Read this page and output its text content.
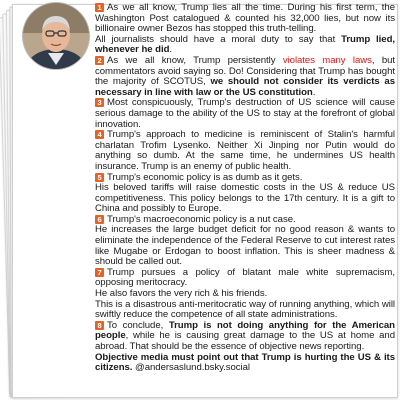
1 As we all know, Trump lies all the time. During his first term, the Washington Post catalogued & counted his 32,000 lies, but now its billionaire owner Bezos has stopped this truth-telling.

All journalists should have a moral duty to say that Trump lied, whenever he did.

2 As we all know, Trump persistently violates many laws, but commentators avoid saying so. Do! Considering that Trump has bought the majority of SCOTUS, we should not consider its verdicts as necessary in line with law or the US constitution.

3 Most conspicuously, Trump's destruction of US science will cause serious damage to the ability of the US to stay at the forefront of global innovation.

4 Trump's approach to medicine is reminiscent of Stalin's harmful charlatan Trofim Lysenko. Neither Xi Jinping nor Putin would do anything so dumb. At the same time, he undermines US health insurance. Trump is an enemy of public health.

5 Trump's economic policy is as dumb as it gets.

His beloved tariffs will raise domestic costs in the US & reduce US competitiveness. This policy belongs to the 17th century. It is a gift to China and possibly to Europe.

6 Trump's macroeconomic policy is a nut case.

He increases the large budget deficit for no good reason & wants to eliminate the independence of the Federal Reserve to cut interest rates like Mugabe or Erdogan to boost inflation. This is sheer madness & should be called out.

7 Trump pursues a policy of blatant male white supremacism, opposing meritocracy.

He also favors the very rich & his friends.

This is a disastrous anti-meritocratic way of running anything, which will swiftly reduce the competence of all state administrations.

8 To conclude, Trump is not doing anything for the American people, while he is causing great damage to the US at home and abroad. That should be the essence of objective news reporting.

Objective media must point out that Trump is hurting the US & its citizens. @andersaslund.bsky.social
